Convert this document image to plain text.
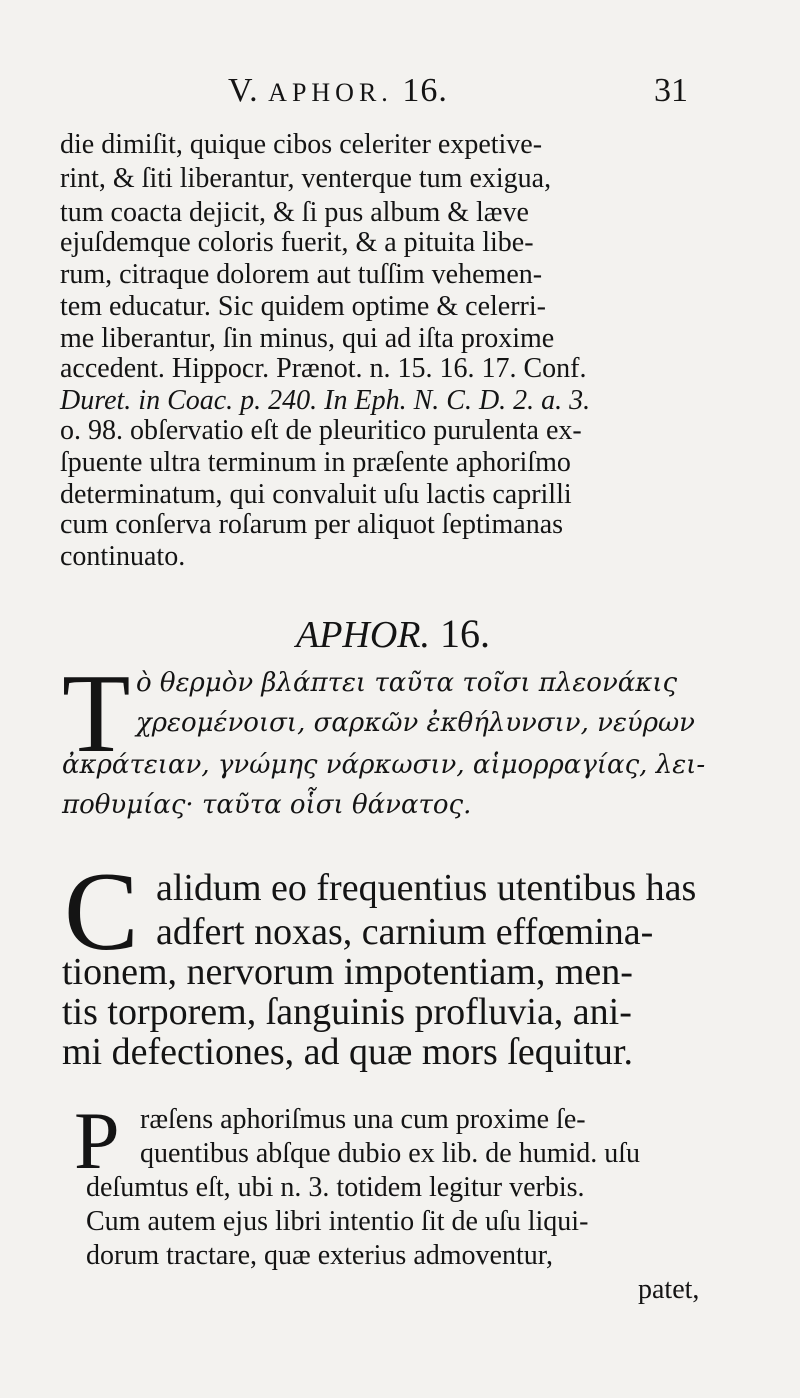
V. APHOR. 16.	31
die dimiſit, quique cibos celeriter expetive-
rint, & ſiti liberantur, venterque tum exigua,
tum coacta dejicit, & ſi pus album & læve
ejuſdemque coloris fuerit, & a pituita libe-
rum, citraque dolorem aut tuſſim vehemen-
tem educatur. Sic quidem optime & celerri-
me liberantur, ſin minus, qui ad iſta proxime
accedent. Hippocr. Prænot. n. 15. 16. 17. Conf.
Duret. in Coac. p. 240. In Eph. N. C. D. 2. a. 3.
o. 98. obſervatio eſt de pleuritico purulenta ex-
ſpuente ultra terminum in præſente aphoriſmo
determinatum, qui convaluit uſu lactis caprilli
cum conſerva roſarum per aliquot ſeptimanas
continuato.
APHOR. 16.
T ὸ θερμὸν βλάπτει ταῦτα τοῖσι πλεονάκις
χρεομένοισι, σαρκῶν ἐκθήλυνσιν, νεύρων
ἀκράτειαν, γνώμης νάρκωσιν, αἱμορραγίας, λει-
ποθυμίας· ταῦτα οἷσι θάνατος.
C alidum eo frequentius utentibus has
adfert noxas, carnium effœmina-
tionem, nervorum impotentiam, men-
tis torporem, ſanguinis profluvia, ani-
mi defectiones, ad quæ mors ſequitur.
P ræſens aphoriſmus una cum proxime ſe-
quentibus abſque dubio ex lib. de humid. uſu
deſumtus eſt, ubi n. 3. totidem legitur verbis.
Cum autem ejus libri intentio ſit de uſu liqui-
dorum tractare, quæ exterius admoventur,
patet,
